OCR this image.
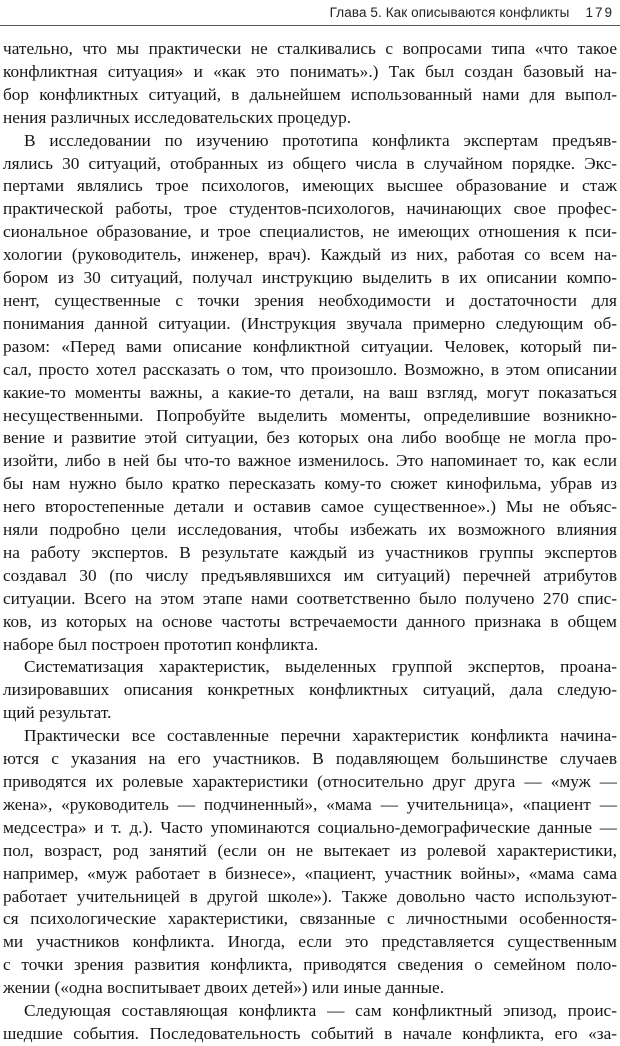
Глава 5. Как описываются конфликты 179
чательно, что мы практически не сталкивались с вопросами типа «что такое
конфликтная ситуация» и «как это понимать».) Так был создан базовый на-
бор конфликтных ситуаций, в дальнейшем использованный нами для выпол-
нения различных исследовательских процедур.
В исследовании по изучению прототипа конфликта экспертам предъяв-
лялись 30 ситуаций, отобранных из общего числа в случайном порядке. Экс-
пертами являлись трое психологов, имеющих высшее образование и стаж
практической работы, трое студентов-психологов, начинающих свое профес-
сиональное образование, и трое специалистов, не имеющих отношения к пси-
хологии (руководитель, инженер, врач). Каждый из них, работая со всем на-
бором из 30 ситуаций, получал инструкцию выделить в их описании компо-
нент, существенные с точки зрения необходимости и достаточности для
понимания данной ситуации. (Инструкция звучала примерно следующим об-
разом: «Перед вами описание конфликтной ситуации. Человек, который пи-
сал, просто хотел рассказать о том, что произошло. Возможно, в этом описании
какие-то моменты важны, а какие-то детали, на ваш взгляд, могут показаться
несущественными. Попробуйте выделить моменты, определившие возникно-
вение и развитие этой ситуации, без которых она либо вообще не могла про-
изойти, либо в ней бы что-то важное изменилось. Это напоминает то, как если
бы нам нужно было кратко пересказать кому-то сюжет кинофильма, убрав из
него второстепенные детали и оставив самое существенное».) Мы не объяс-
няли подробно цели исследования, чтобы избежать их возможного влияния
на работу экспертов. В результате каждый из участников группы экспертов
создавал 30 (по числу предъявлявшихся им ситуаций) перечней атрибутов
ситуации. Всего на этом этапе нами соответственно было получено 270 спис-
ков, из которых на основе частоты встречаемости данного признака в общем
наборе был построен прототип конфликта.
Систематизация характеристик, выделенных группой экспертов, проана-
лизировавших описания конкретных конфликтных ситуаций, дала следую-
щий результат.
Практически все составленные перечни характеристик конфликта начина-
ются с указания на его участников. В подавляющем большинстве случаев
приводятся их ролевые характеристики (относительно друг друга — «муж —
жена», «руководитель — подчиненный», «мама — учительница», «пациент —
медсестра» и т. д.). Часто упоминаются социально-демографические данные —
пол, возраст, род занятий (если он не вытекает из ролевой характеристики,
например, «муж работает в бизнесе», «пациент, участник войны», «мама сама
работает учительницей в другой школе»). Также довольно часто используют-
ся психологические характеристики, связанные с личностными особенностя-
ми участников конфликта. Иногда, если это представляется существенным
с точки зрения развития конфликта, приводятся сведения о семейном поло-
жении («одна воспитывает двоих детей») или иные данные.
Следующая составляющая конфликта — сам конфликтный эпизод, проис-
шедшие события. Последовательность событий в начале конфликта, его «за-
